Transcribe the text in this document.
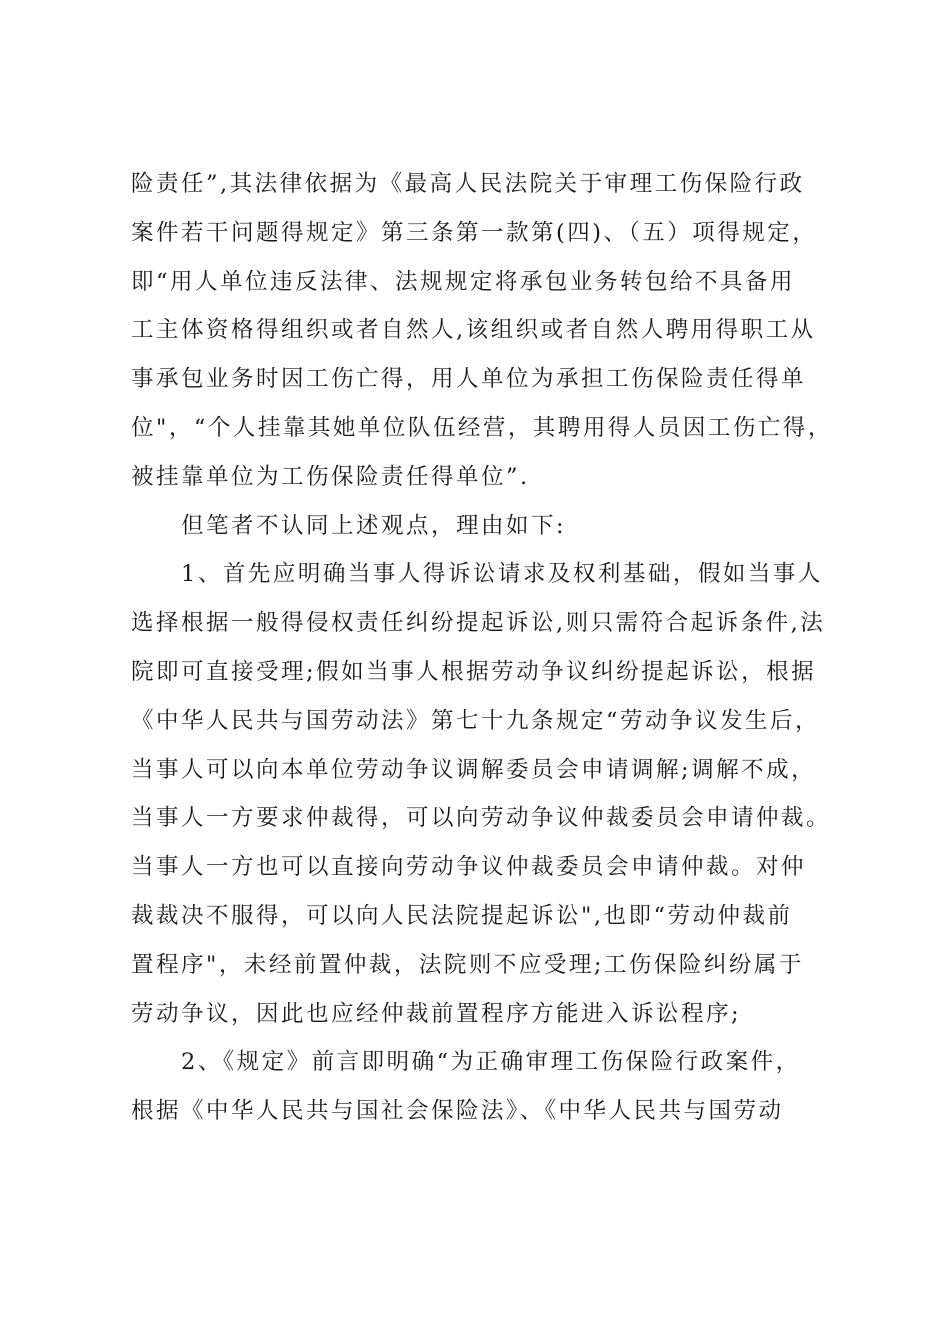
险责任”,其法律依据为《最高人民法院关于审理工伤保险行政
案件若干问题得规定》第三条第一款第(四)、（五）项得规定，
即“用人单位违反法律、法规规定将承包业务转包给不具备用
工主体资格得组织或者自然人,该组织或者自然人聘用得职工从
事承包业务时因工伤亡得，用人单位为承担工伤保险责任得单
位"，“个人挂靠其她单位队伍经营，其聘用得人员因工伤亡得，
被挂靠单位为工伤保险责任得单位”.
　　但笔者不认同上述观点，理由如下:
　　1、首先应明确当事人得诉讼请求及权利基础，假如当事人
选择根据一般得侵权责任纠纷提起诉讼,则只需符合起诉条件,法
院即可直接受理;假如当事人根据劳动争议纠纷提起诉讼，根据
《中华人民共与国劳动法》第七十九条规定“劳动争议发生后，
当事人可以向本单位劳动争议调解委员会申请调解;调解不成，
当事人一方要求仲裁得，可以向劳动争议仲裁委员会申请仲裁。
当事人一方也可以直接向劳动争议仲裁委员会申请仲裁。对仲
裁裁决不服得，可以向人民法院提起诉讼",也即“劳动仲裁前
置程序"，未经前置仲裁，法院则不应受理;工伤保险纠纷属于
劳动争议，因此也应经仲裁前置程序方能进入诉讼程序;
　　2、《规定》前言即明确“为正确审理工伤保险行政案件，
根据《中华人民共与国社会保险法》、《中华人民共与国劳动
